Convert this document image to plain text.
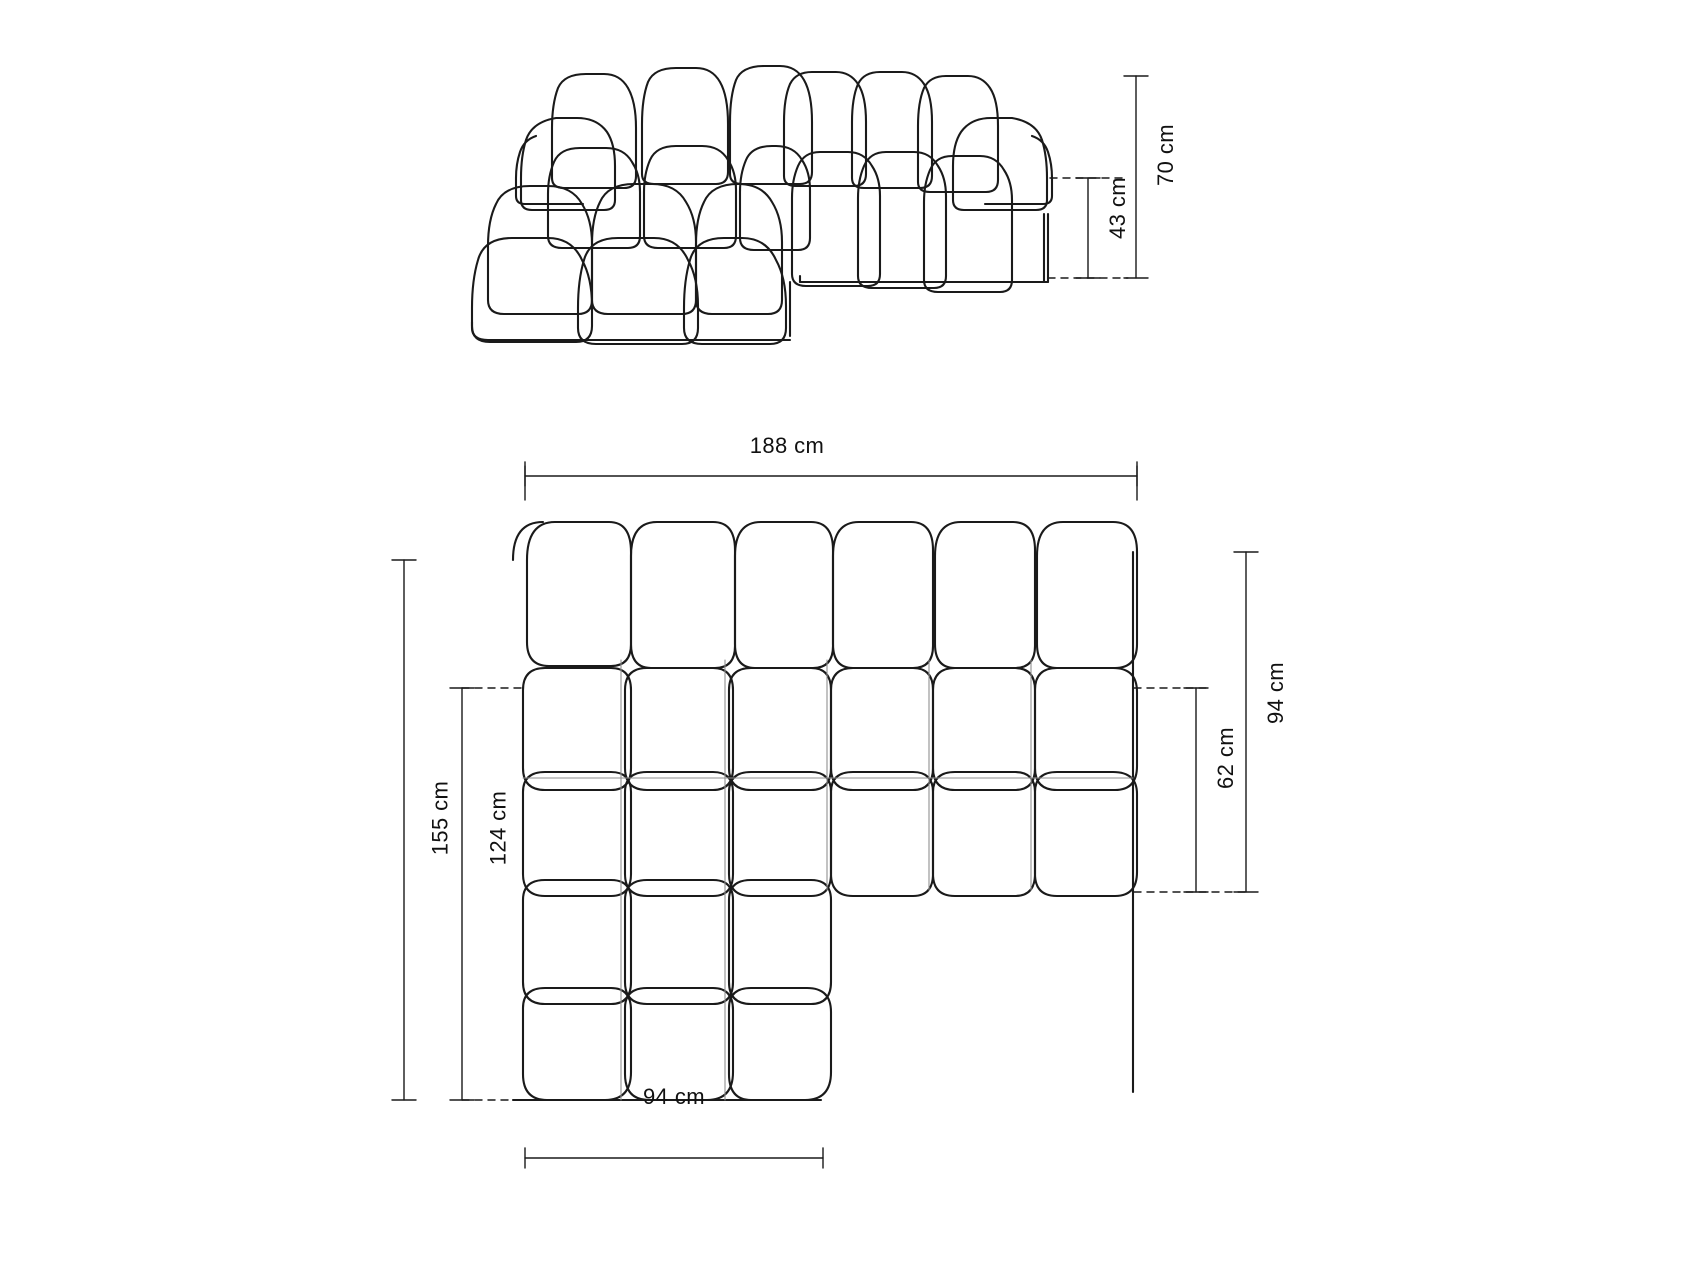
70 cm
43 cm
188 cm
155 cm 124 cm
94 cm
62 cm
94 cm
